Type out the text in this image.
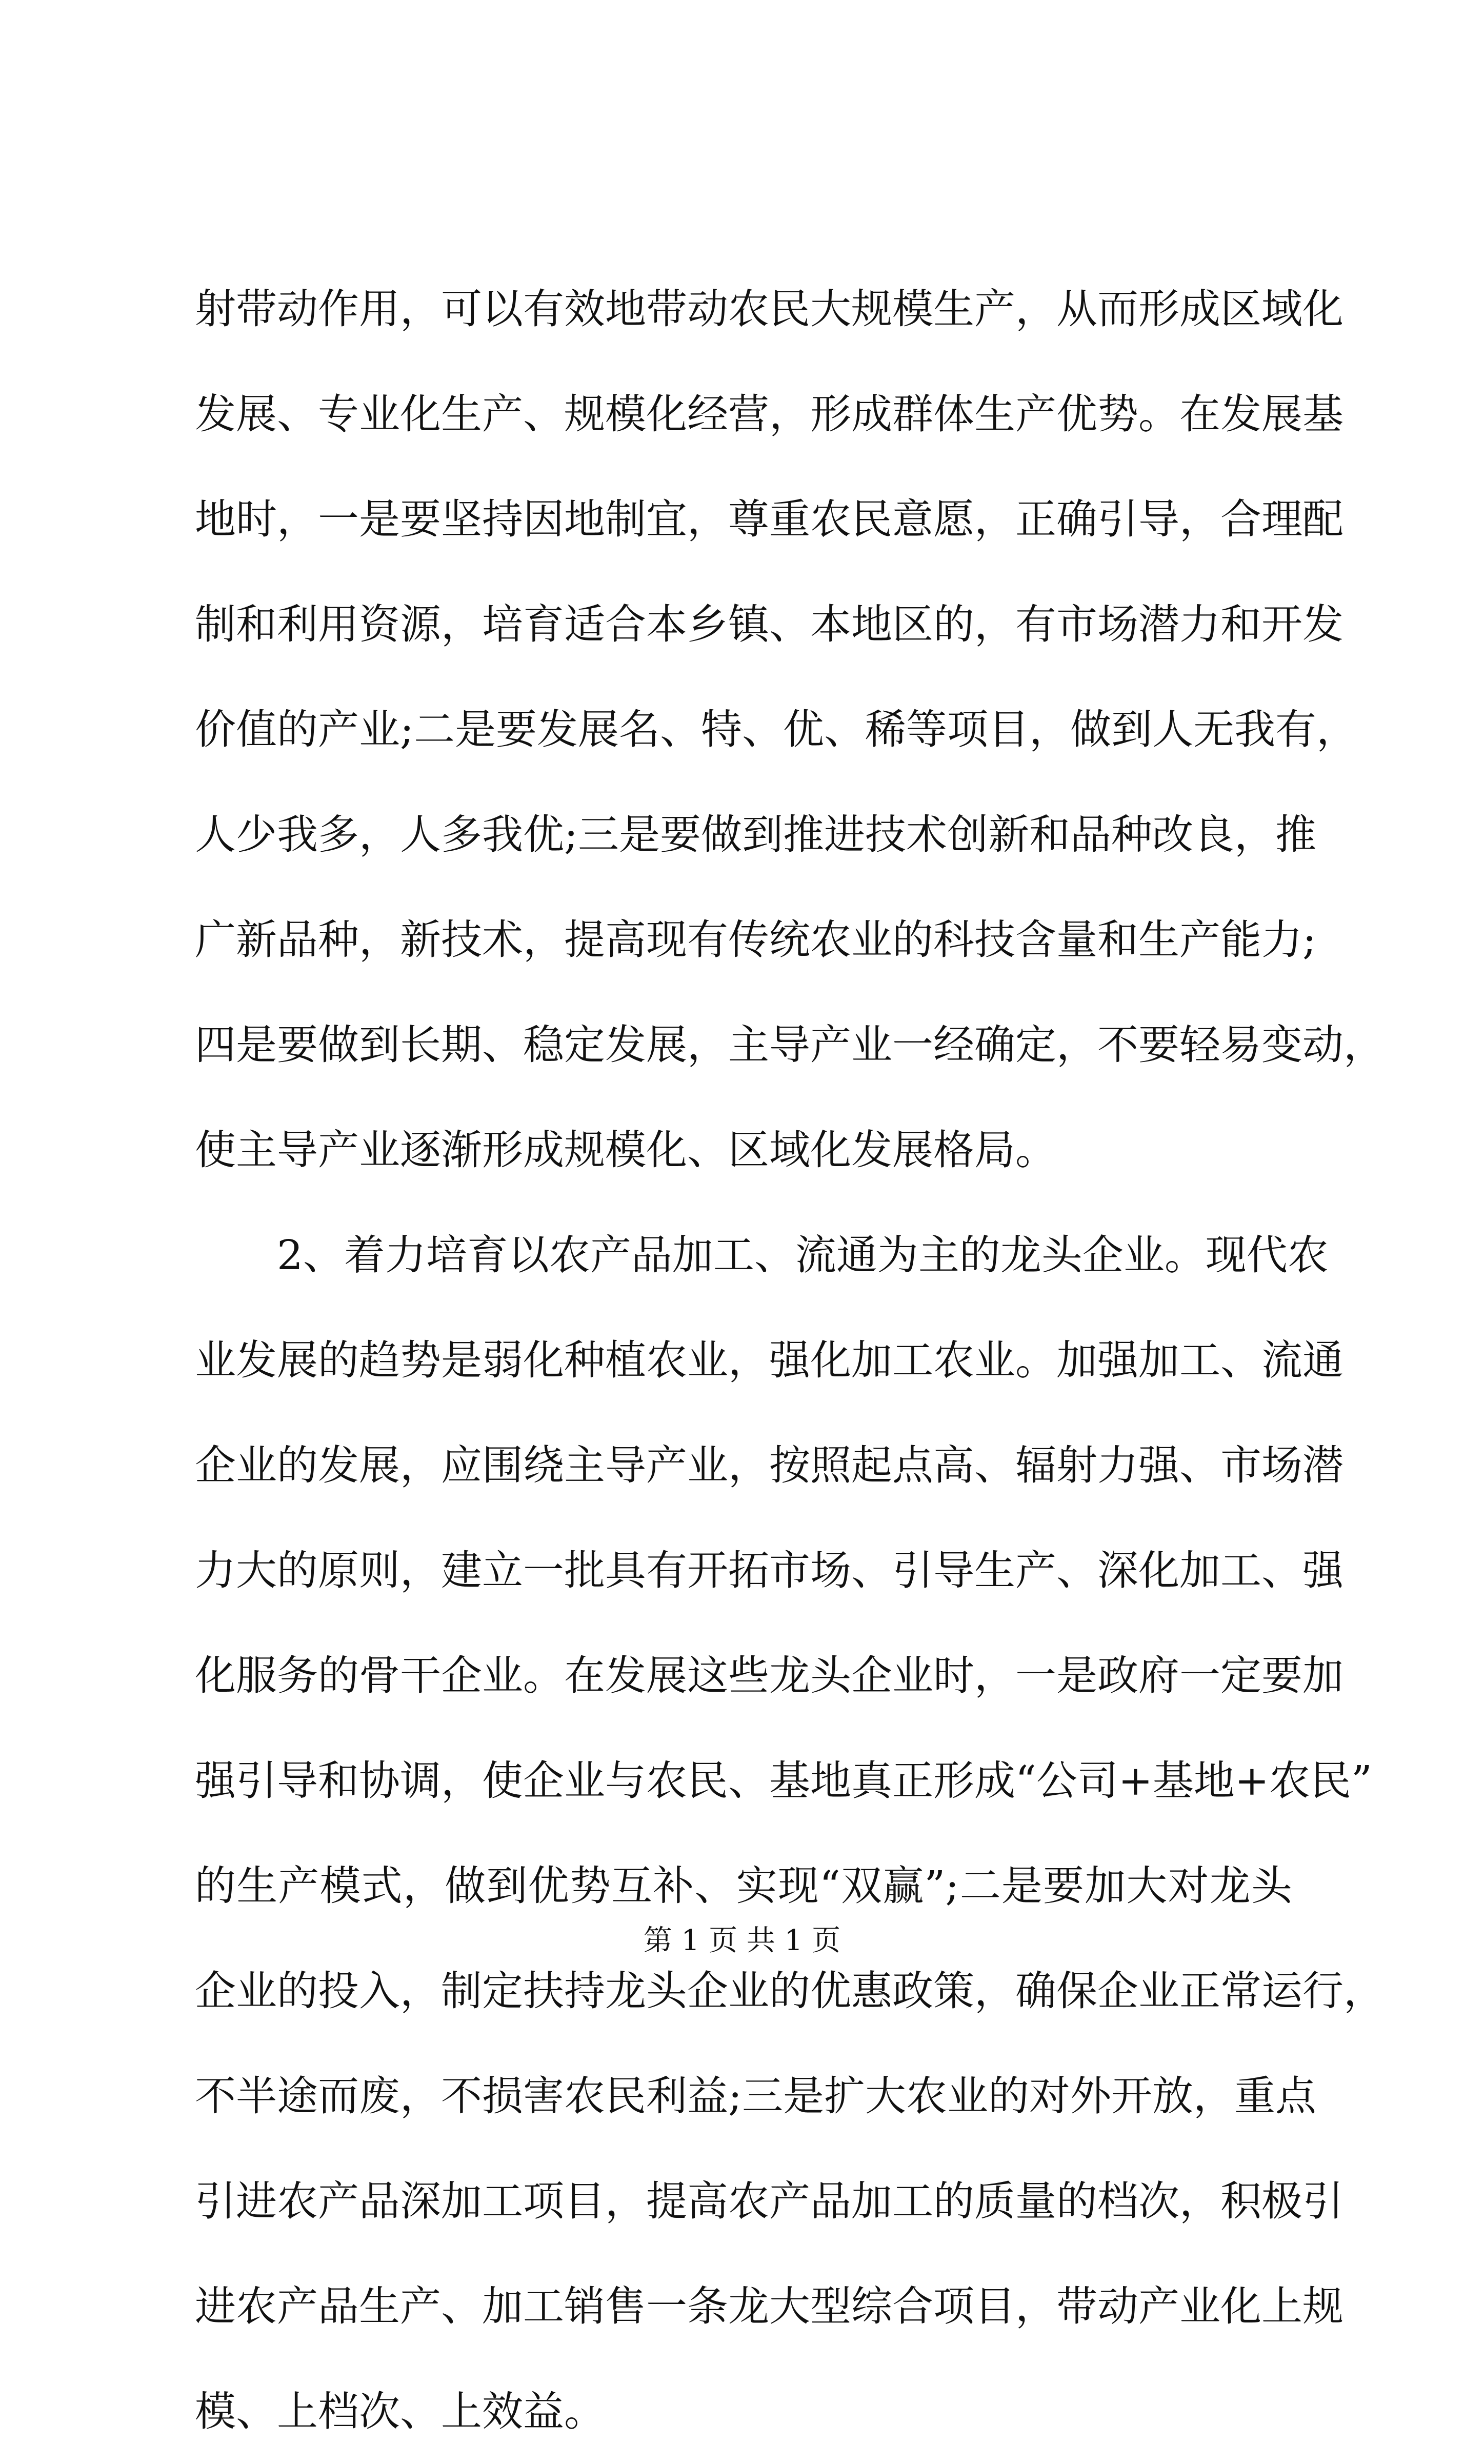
射带动作用，可以有效地带动农民大规模生产，从而形成区域化
发展、专业化生产、规模化经营，形成群体生产优势。在发展基
地时，一是要坚持因地制宜，尊重农民意愿，正确引导，合理配
制和利用资源，培育适合本乡镇、本地区的，有市场潜力和开发
价值的产业;二是要发展名、特、优、稀等项目，做到人无我有，
人少我多，人多我优;三是要做到推进技术创新和品种改良，推
广新品种，新技术，提高现有传统农业的科技含量和生产能力;
四是要做到长期、稳定发展，主导产业一经确定，不要轻易变动，
使主导产业逐渐形成规模化、区域化发展格局。
2、着力培育以农产品加工、流通为主的龙头企业。现代农
业发展的趋势是弱化种植农业，强化加工农业。加强加工、流通
企业的发展，应围绕主导产业，按照起点高、辐射力强、市场潜
力大的原则，建立一批具有开拓市场、引导生产、深化加工、强
化服务的骨干企业。在发展这些龙头企业时，一是政府一定要加
强引导和协调，使企业与农民、基地真正形成“公司+基地+农民”
的生产模式，做到优势互补、实现“双赢”;二是要加大对龙头
企业的投入，制定扶持龙头企业的优惠政策，确保企业正常运行，
不半途而废，不损害农民利益;三是扩大农业的对外开放，重点
引进农产品深加工项目，提高农产品加工的质量的档次，积极引
进农产品生产、加工销售一条龙大型综合项目，带动产业化上规
模、上档次、上效益。
第 1 页 共 1 页
